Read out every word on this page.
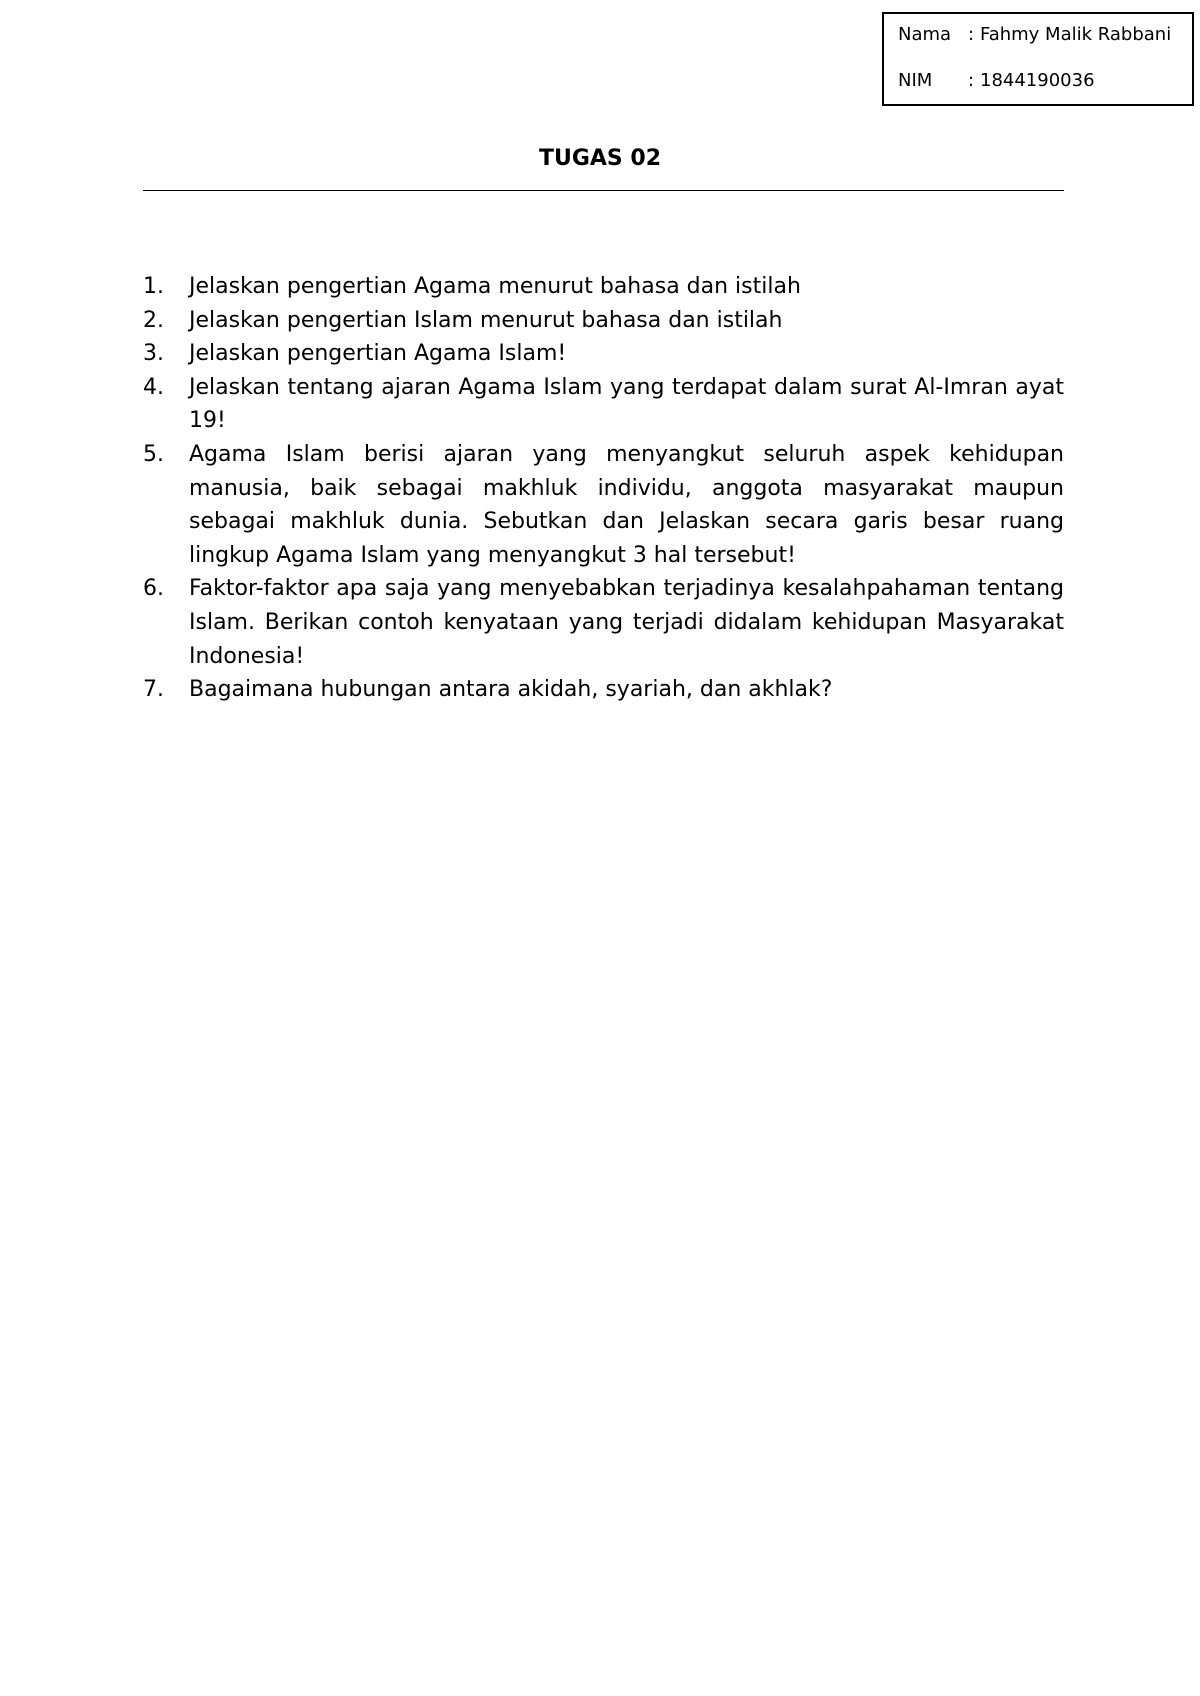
Nama : Fahmy Malik Rabbani
NIM : 1844190036
TUGAS 02
1. Jelaskan pengertian Agama menurut bahasa dan istilah
2. Jelaskan pengertian Islam menurut bahasa dan istilah
3. Jelaskan pengertian Agama Islam!
4. Jelaskan tentang ajaran Agama Islam yang terdapat dalam surat Al-Imran ayat 19!
5. Agama Islam berisi ajaran yang menyangkut seluruh aspek kehidupan manusia, baik sebagai makhluk individu, anggota masyarakat maupun sebagai makhluk dunia. Sebutkan dan Jelaskan secara garis besar ruang lingkup Agama Islam yang menyangkut 3 hal tersebut!
6. Faktor-faktor apa saja yang menyebabkan terjadinya kesalahpahaman tentang Islam. Berikan contoh kenyataan yang terjadi didalam kehidupan Masyarakat Indonesia!
7. Bagaimana hubungan antara akidah, syariah, dan akhlak?
